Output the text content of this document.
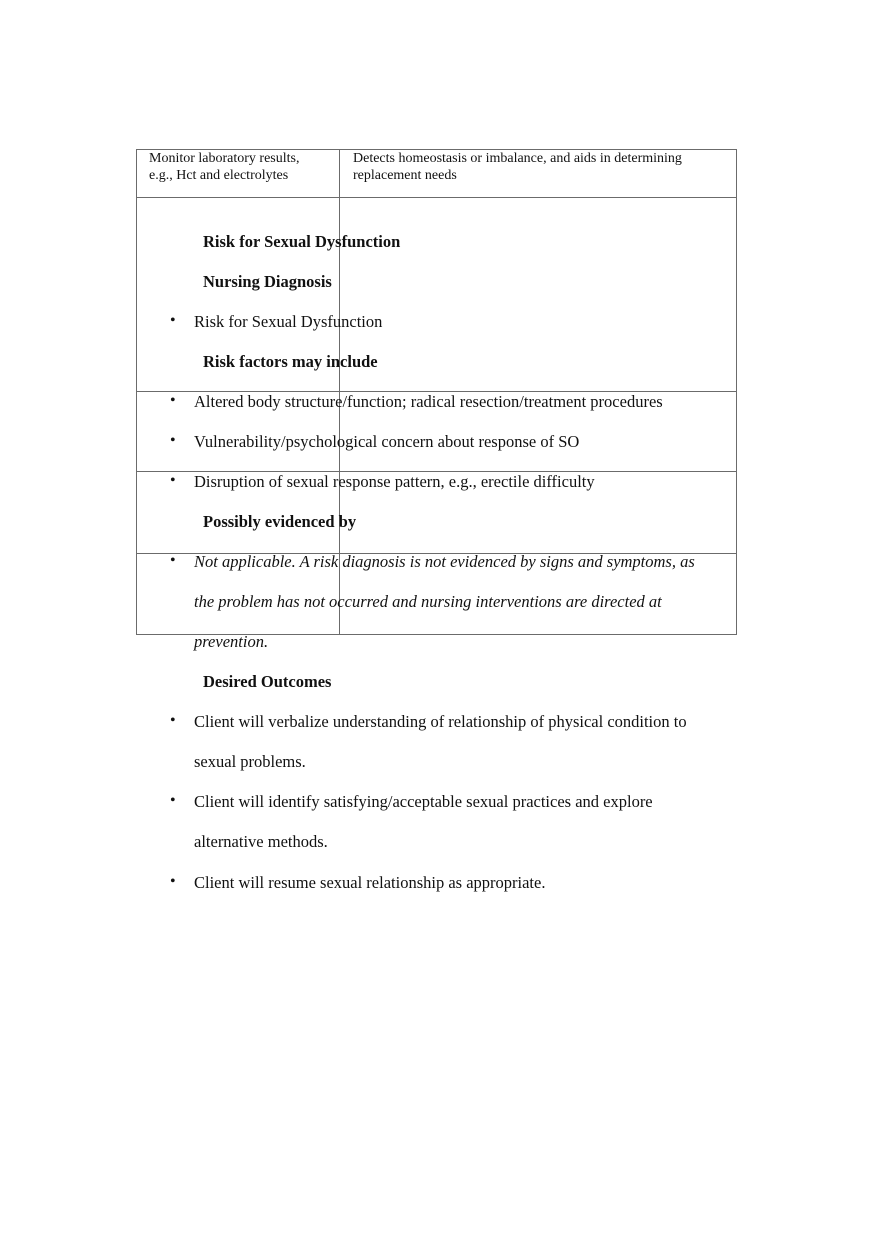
Monitor laboratory results,
e.g., Hct and electrolytes
Detects homeostasis or imbalance, and aids in determining
replacement needs
Risk for Sexual Dysfunction
Nursing Diagnosis
• Risk for Sexual Dysfunction
Risk factors may include
• Altered body structure/function; radical resection/treatment procedures
• Vulnerability/psychological concern about response of SO
• Disruption of sexual response pattern, e.g., erectile difficulty
Possibly evidenced by
• Not applicable. A risk diagnosis is not evidenced by signs and symptoms, as
the problem has not occurred and nursing interventions are directed at
prevention.
Desired Outcomes
• Client will verbalize understanding of relationship of physical condition to
sexual problems.
• Client will identify satisfying/acceptable sexual practices and explore
alternative methods.
• Client will resume sexual relationship as appropriate.
